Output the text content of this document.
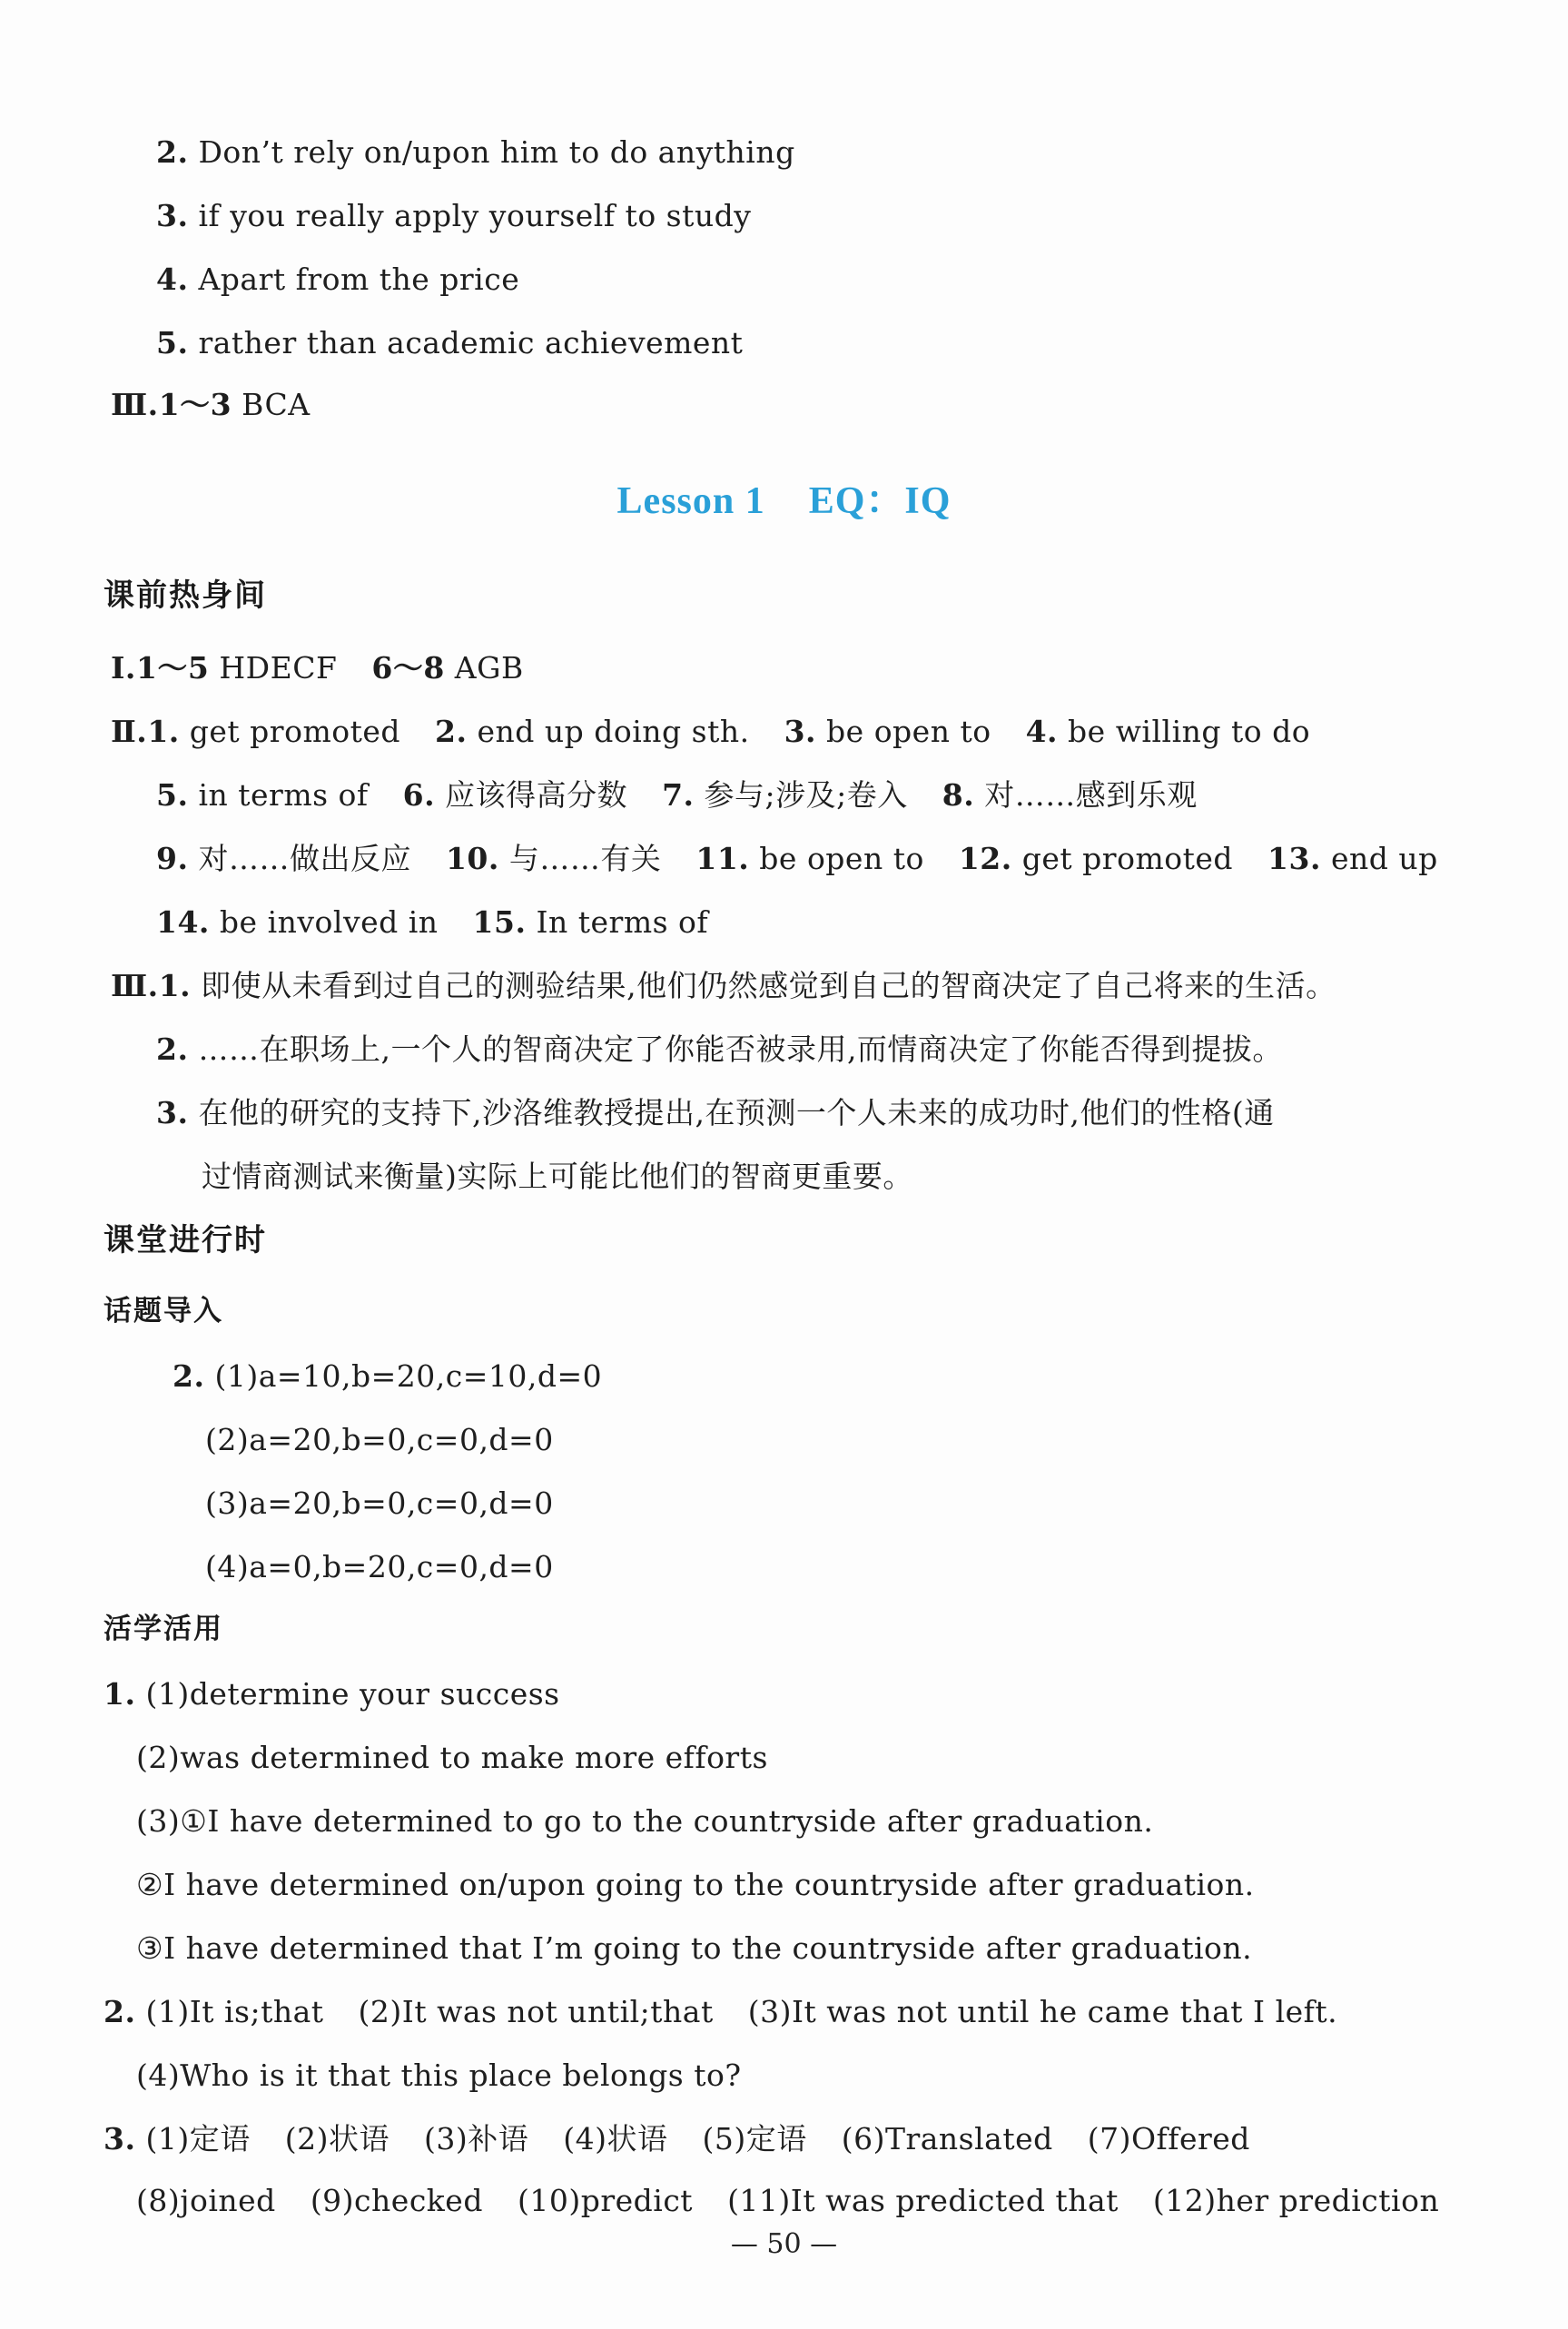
2. Don’t rely on/upon him to do anything
3. if you really apply yourself to study
4. Apart from the price
5. rather than academic achievement
Ⅲ.1～3 BCA
Lesson 1 EQ：IQ
课前热身间
Ⅰ.1～5 HDECF 6～8 AGB
Ⅱ.1. get promoted 2. end up doing sth. 3. be open to 4. be willing to do
5. in terms of 6. 应该得高分数 7. 参与;涉及;卷入 8. 对……感到乐观
9. 对……做出反应 10. 与……有关 11. be open to 12. get promoted 13. end up
14. be involved in 15. In terms of
Ⅲ.1. 即使从未看到过自己的测验结果,他们仍然感觉到自己的智商决定了自己将来的生活。
2. ……在职场上,一个人的智商决定了你能否被录用,而情商决定了你能否得到提拔。
3. 在他的研究的支持下,沙洛维教授提出,在预测一个人未来的成功时,他们的性格(通
过情商测试来衡量)实际上可能比他们的智商更重要。
课堂进行时
话题导入
2. (1)a=10,b=20,c=10,d=0
(2)a=20,b=0,c=0,d=0
(3)a=20,b=0,c=0,d=0
(4)a=0,b=20,c=0,d=0
活学活用
1. (1)determine your success
(2)was determined to make more efforts
(3)①I have determined to go to the countryside after graduation.
②I have determined on/upon going to the countryside after graduation.
③I have determined that I’m going to the countryside after graduation.
2. (1)It is;that (2)It was not until;that (3)It was not until he came that I left.
(4)Who is it that this place belongs to?
3. (1)定语 (2)状语 (3)补语 (4)状语 (5)定语 (6)Translated (7)Offered
(8)joined (9)checked (10)predict (11)It was predicted that (12)her prediction
— 50 —
